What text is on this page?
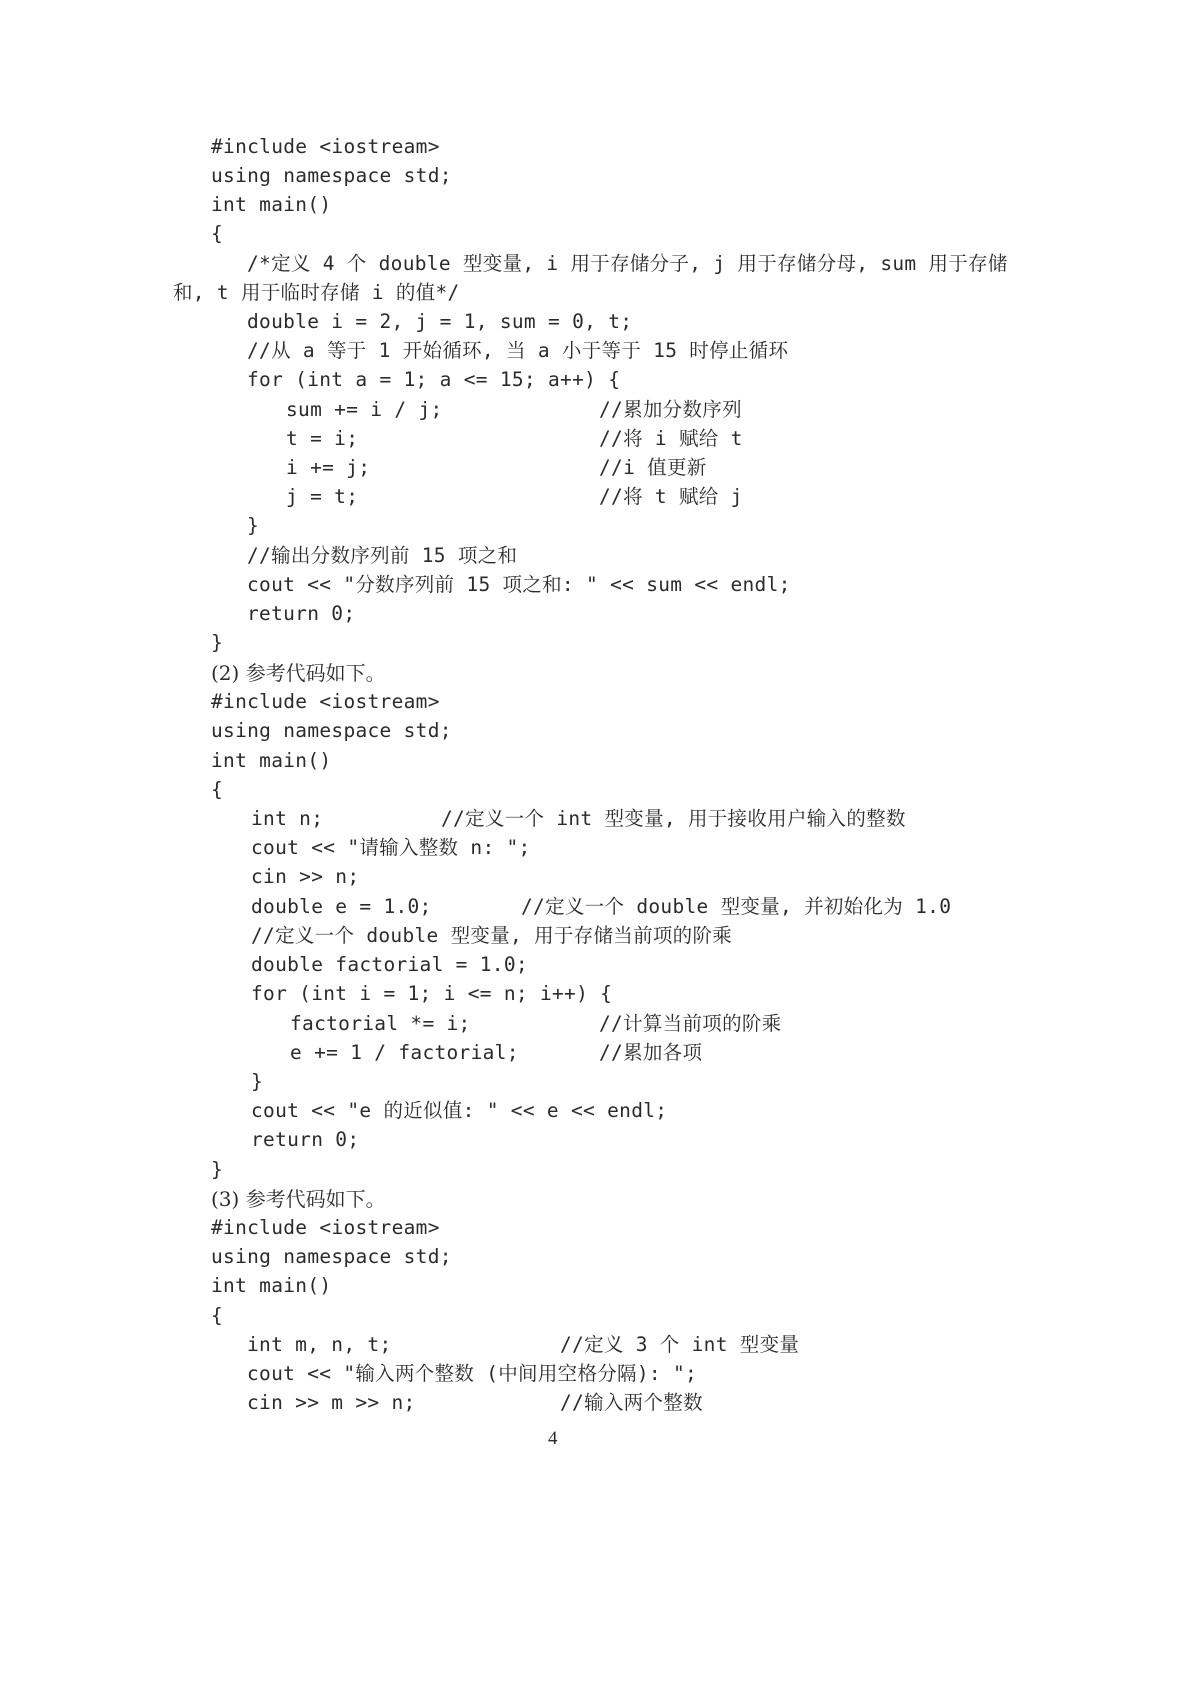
#include <iostream>
using namespace std;
int main()
{
/*定义 4 个 double 型变量, i 用于存储分子, j 用于存储分母, sum 用于存储
和, t 用于临时存储 i 的值*/
double i = 2, j = 1, sum = 0, t;
//从 a 等于 1 开始循环, 当 a 小于等于 15 时停止循环
for (int a = 1; a <= 15; a++) {
sum += i / j;	//累加分数序列
t = i;	//将 i 赋给 t
i += j;	//i 值更新
j = t;	//将 t 赋给 j
}
//输出分数序列前 15 项之和
cout << "分数序列前 15 项之和: " << sum << endl;
return 0;
}
(2) 参考代码如下。
#include <iostream>
using namespace std;
int main()
{
int n;	//定义一个 int 型变量, 用于接收用户输入的整数
cout << "请输入整数 n: ";
cin >> n;
double e = 1.0;	//定义一个 double 型变量, 并初始化为 1.0
//定义一个 double 型变量, 用于存储当前项的阶乘
double factorial = 1.0;
for (int i = 1; i <= n; i++) {
factorial *= i;	//计算当前项的阶乘
e += 1 / factorial;	//累加各项
}
cout << "e 的近似值: " << e << endl;
return 0;
}
(3) 参考代码如下。
#include <iostream>
using namespace std;
int main()
{
int m, n, t;	//定义 3 个 int 型变量
cout << "输入两个整数 (中间用空格分隔): ";
cin >> m >> n;	//输入两个整数
4
